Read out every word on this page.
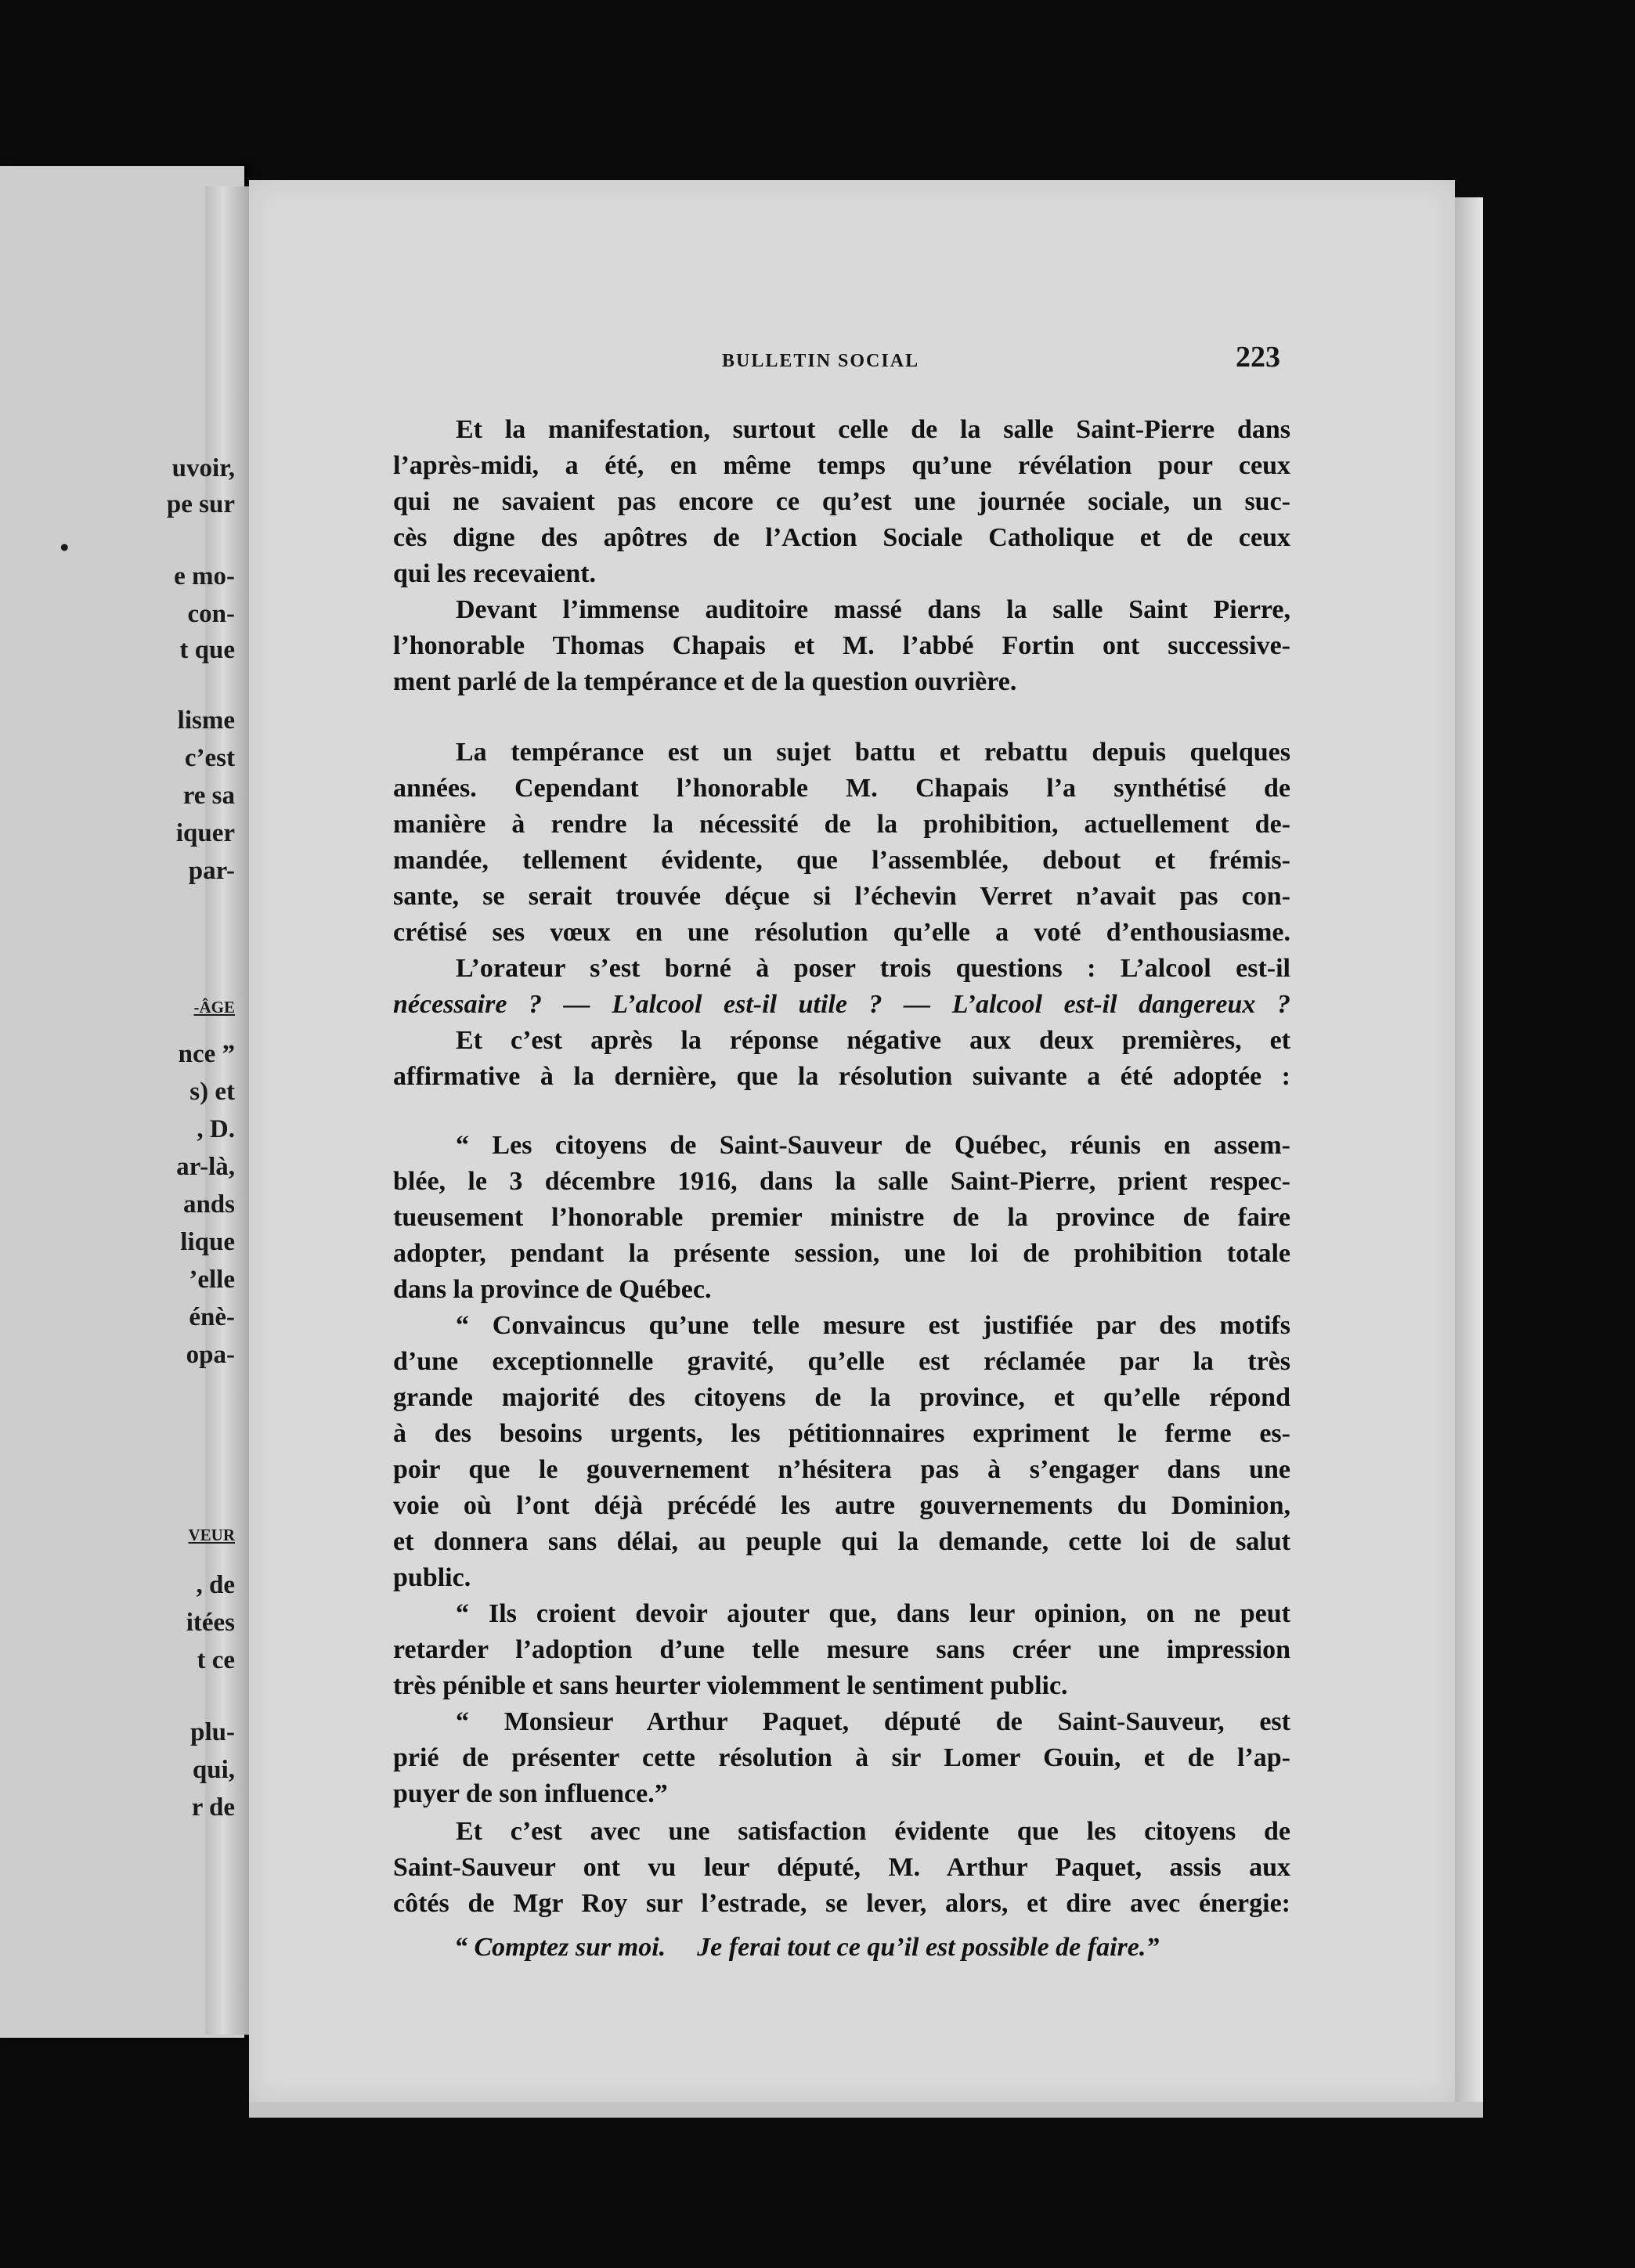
uvoir,

pe sur

•

e mo-

con-

t que

lisme

c’est

re sa

iquer

par-

-ÂGE

nce ”

s) et

, D.

ar-là,

ands

lique

’elle

énè-

opa-

VEUR

, de

itées

t ce

plu-

qui,

r de

BULLETIN SOCIAL	223

Et la manifestation, surtout celle de la salle Saint-Pierre dans

l’après-midi, a été, en même temps qu’une révélation pour ceux

qui ne savaient pas encore ce qu’est une journée sociale, un suc-

cès digne des apôtres de l’Action Sociale Catholique et de ceux

qui les recevaient.

Devant l’immense auditoire massé dans la salle Saint Pierre,

l’honorable Thomas Chapais et M. l’abbé Fortin ont successive-

ment parlé de la tempérance et de la question ouvrière.

La tempérance est un sujet battu et rebattu depuis quelques

années. Cependant l’honorable M. Chapais l’a synthétisé de

manière à rendre la nécessité de la prohibition, actuellement de-

mandée, tellement évidente, que l’assemblée, debout et frémis-

sante, se serait trouvée déçue si l’échevin Verret n’avait pas con-

crétisé ses vœux en une résolution qu’elle a voté d’enthousiasme.

L’orateur s’est borné à poser trois questions : L’alcool est-il

nécessaire ? — L’alcool est-il utile ? — L’alcool est-il dangereux ?

Et c’est après la réponse négative aux deux premières, et

affirmative à la dernière, que la résolution suivante a été adoptée :

“ Les citoyens de Saint-Sauveur de Québec, réunis en assem-

blée, le 3 décembre 1916, dans la salle Saint-Pierre, prient respec-

tueusement l’honorable premier ministre de la province de faire

adopter, pendant la présente session, une loi de prohibition totale

dans la province de Québec.

“ Convaincus qu’une telle mesure est justifiée par des motifs

d’une exceptionnelle gravité, qu’elle est réclamée par la très

grande majorité des citoyens de la province, et qu’elle répond

à des besoins urgents, les pétitionnaires expriment le ferme es-

poir que le gouvernement n’hésitera pas à s’engager dans une

voie où l’ont déjà précédé les autre gouvernements du Dominion,

et donnera sans délai, au peuple qui la demande, cette loi de salut

public.

“ Ils croient devoir ajouter que, dans leur opinion, on ne peut

retarder l’adoption d’une telle mesure sans créer une impression

très pénible et sans heurter violemment le sentiment public.

“ Monsieur Arthur Paquet, député de Saint-Sauveur, est

prié de présenter cette résolution à sir Lomer Gouin, et de l’ap-

puyer de son influence.”

Et c’est avec une satisfaction évidente que les citoyens de

Saint-Sauveur ont vu leur député, M. Arthur Paquet, assis aux

côtés de Mgr Roy sur l’estrade, se lever, alors, et dire avec énergie:

“ Comptez sur moi. Je ferai tout ce qu’il est possible de faire.”
